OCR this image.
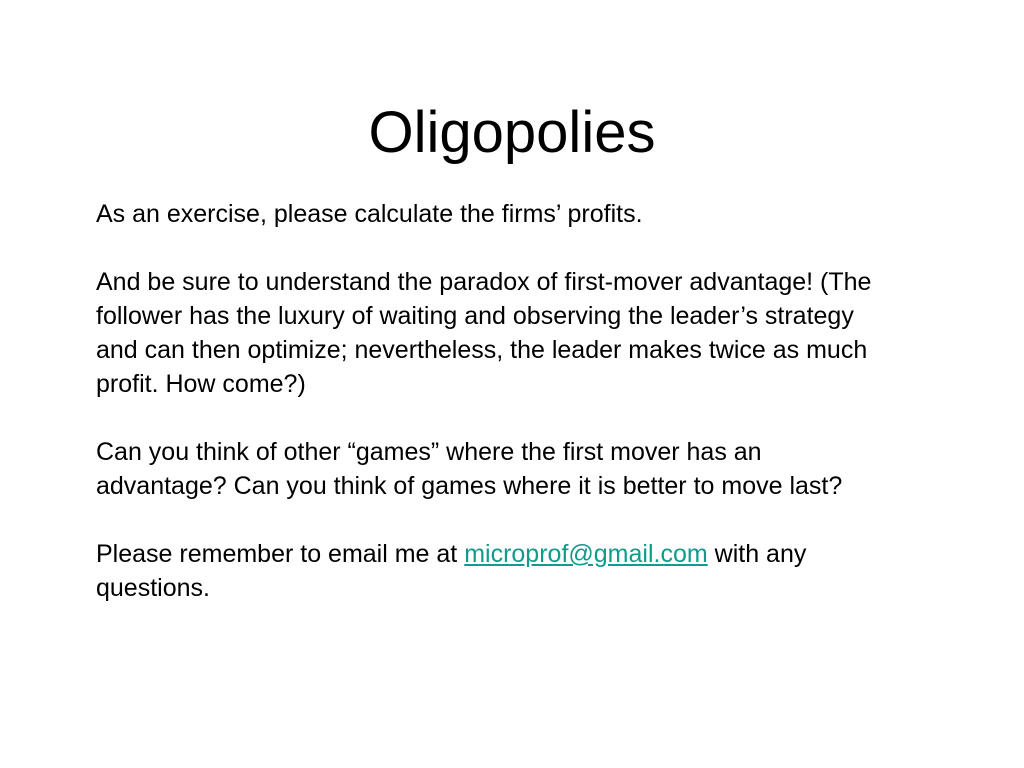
Oligopolies

As an exercise, please calculate the firms’ profits.

And be sure to understand the paradox of first-mover advantage! (The follower has the luxury of waiting and observing the leader’s strategy and can then optimize; nevertheless, the leader makes twice as much profit. How come?)

Can you think of other “games” where the first mover has an advantage? Can you think of games where it is better to move last?

Please remember to email me at microprof@gmail.com with any questions.
